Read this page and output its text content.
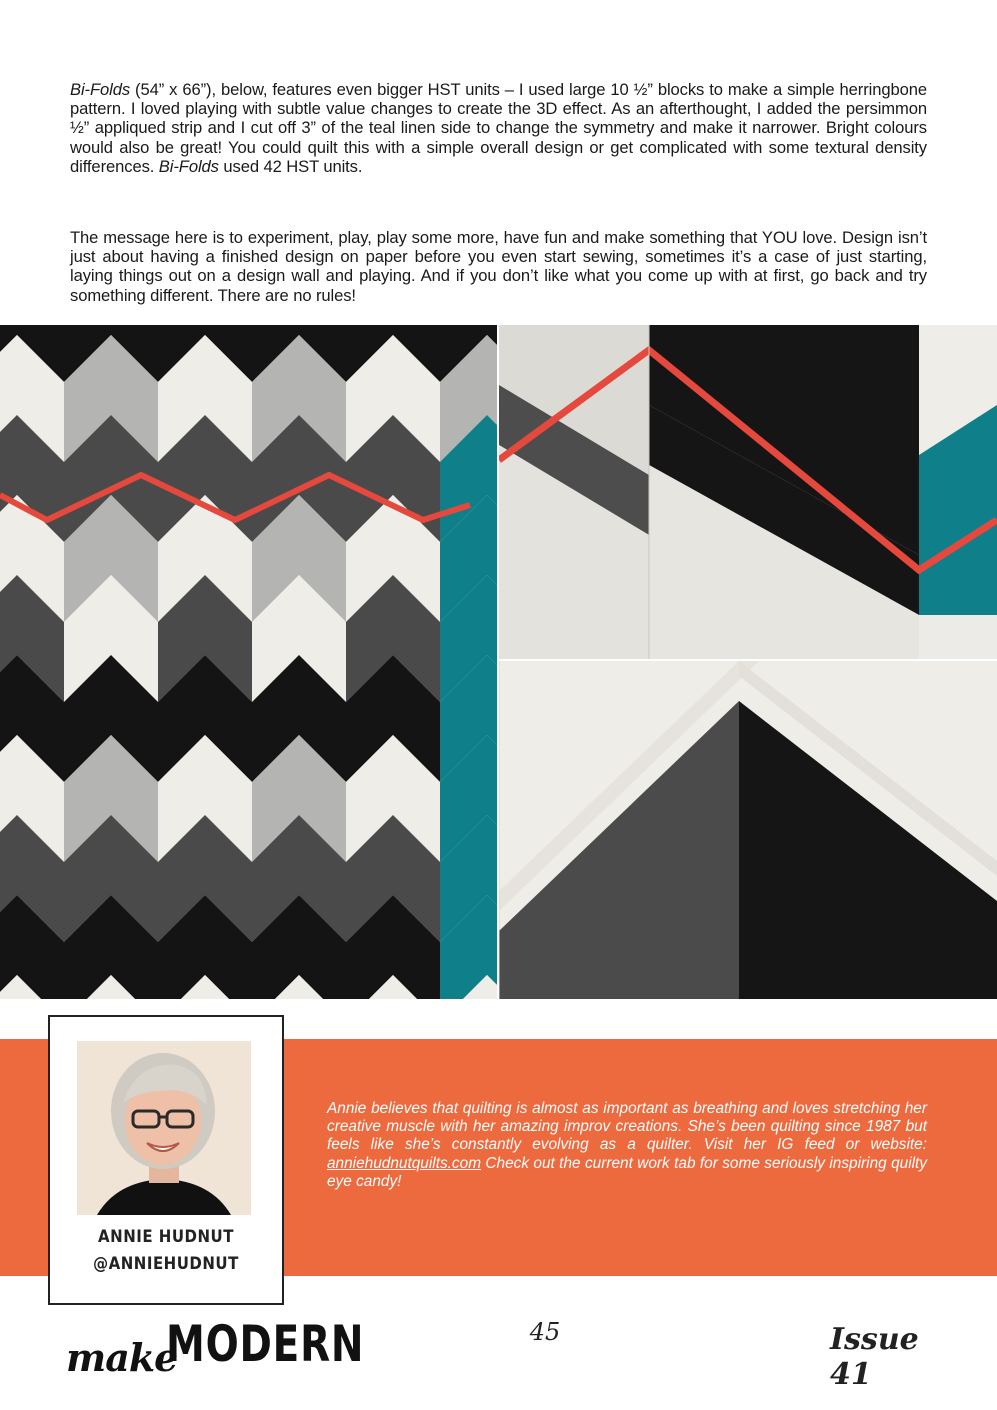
Bi-Folds (54” x 66”), below, features even bigger HST units – I used large 10 ½” blocks to make a simple herringbone pattern. I loved playing with subtle value changes to create the 3D effect. As an afterthought, I added the persimmon ½” appliqued strip and I cut off 3” of the teal linen side to change the symmetry and make it narrower. Bright colours would also be great! You could quilt this with a simple overall design or get complicated with some textural density differences. Bi-Folds used 42 HST units.

The message here is to experiment, play, play some more, have fun and make something that YOU love. Design isn’t just about having a finished design on paper before you even start sewing, sometimes it’s a case of just starting, laying things out on a design wall and playing. And if you don’t like what you come up with at first, go back and try something different. There are no rules!

Annie believes that quilting is almost as important as breathing and loves stretching her creative muscle with her amazing improv creations. She’s been quilting since 1987 but feels like she’s constantly evolving as a quilter. Visit her IG feed or website: anniehudnutquilts.com Check out the current work tab for some seriously inspiring quilty eye candy!

ANNIE HUDNUT
@ANNIEHUDNUT
make
MODERN	45	Issue 41
